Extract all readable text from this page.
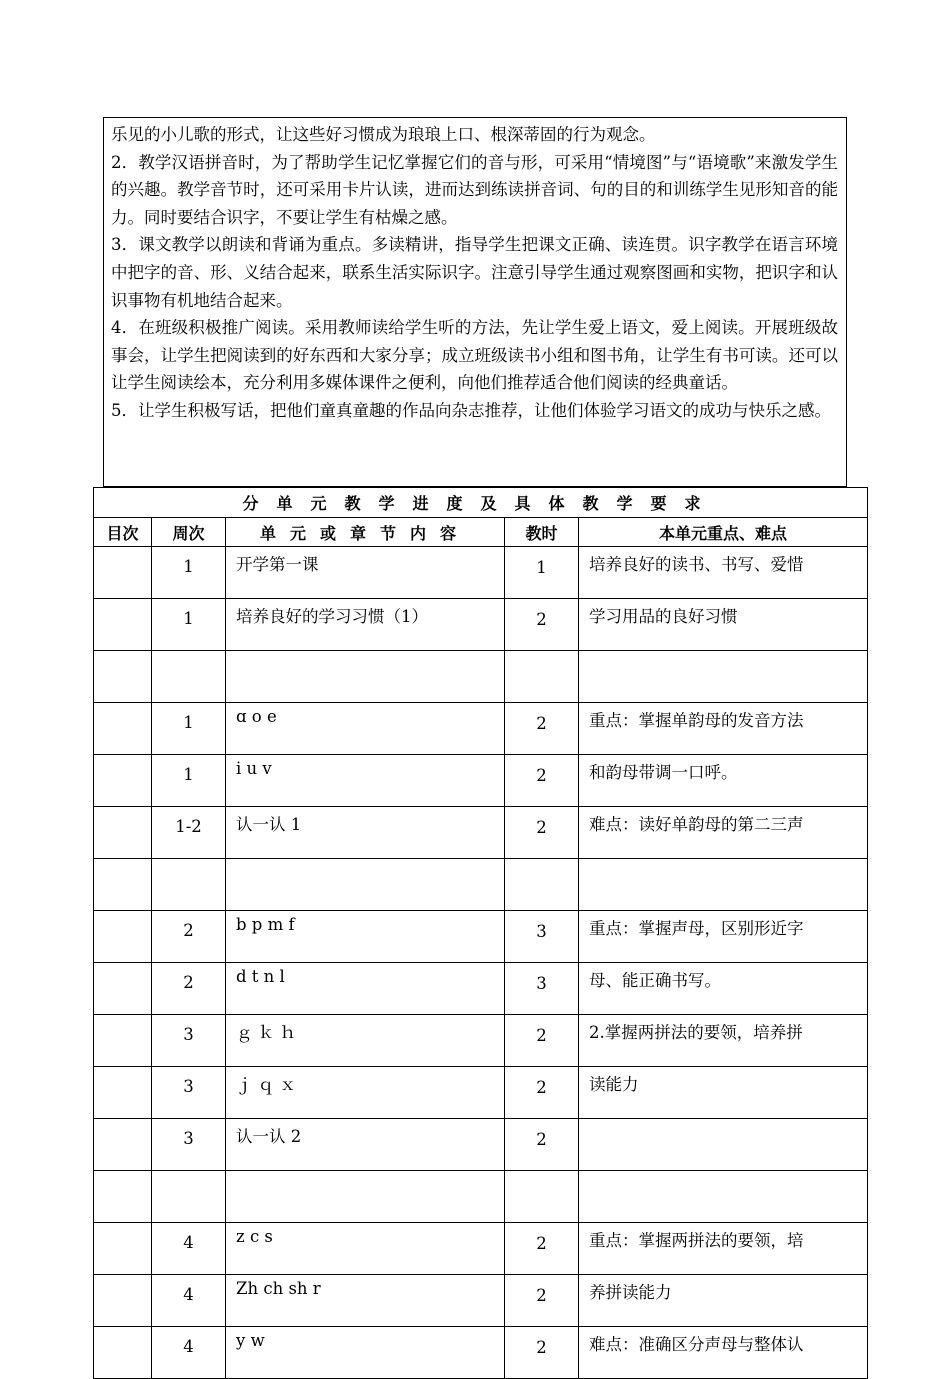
乐见的小儿歌的形式，让这些好习惯成为琅琅上口、根深蒂固的行为观念。

2．教学汉语拼音时，为了帮助学生记忆掌握它们的音与形，可采用“情境图”与“语境歌”来激发学生的兴趣。教学音节时，还可采用卡片认读，进而达到练读拼音词、句的目的和训练学生见形知音的能力。同时要结合识字，不要让学生有枯燥之感。

3．课文教学以朗读和背诵为重点。多读精讲，指导学生把课文正确、读连贯。识字教学在语言环境中把字的音、形、义结合起来，联系生活实际识字。注意引导学生通过观察图画和实物，把识字和认识事物有机地结合起来。

4．在班级积极推广阅读。采用教师读给学生听的方法，先让学生爱上语文，爱上阅读。开展班级故事会，让学生把阅读到的好东西和大家分享；成立班级读书小组和图书角，让学生有书可读。还可以让学生阅读绘本，充分利用多媒体课件之便利，向他们推荐适合他们阅读的经典童话。

5．让学生积极写话，把他们童真童趣的作品向杂志推荐，让他们体验学习语文的成功与快乐之感。

分单元教学进度及具体教学要求				
目次	周次	单元或章节内容	教时	本单元重点、难点
	1	开学第一课	1	培养良好的读书、书写、爱惜
	1	培养良好的学习习惯（1）	2	学习用品的良好习惯

	1	ɑ o e	2	重点：掌握单韵母的发音方法
	1	i u v	2	和韵母带调一口呼。
	1-2	认一认 1	2	难点：读好单韵母的第二三声

	2	b p m f	3	重点：掌握声母，区别形近字
	2	d t n l	3	母、能正确书写。
	3	ｇ ｋ ｈ	2	2.掌握两拼法的要领，培养拼
	3	ｊ ｑ ｘ	2	读能力
	3	认一认 2	2	

	4	z c s	2	重点：掌握两拼法的要领，培
	4	Zh ch sh r	2	养拼读能力
	4	y w	2	难点：准确区分声母与整体认
